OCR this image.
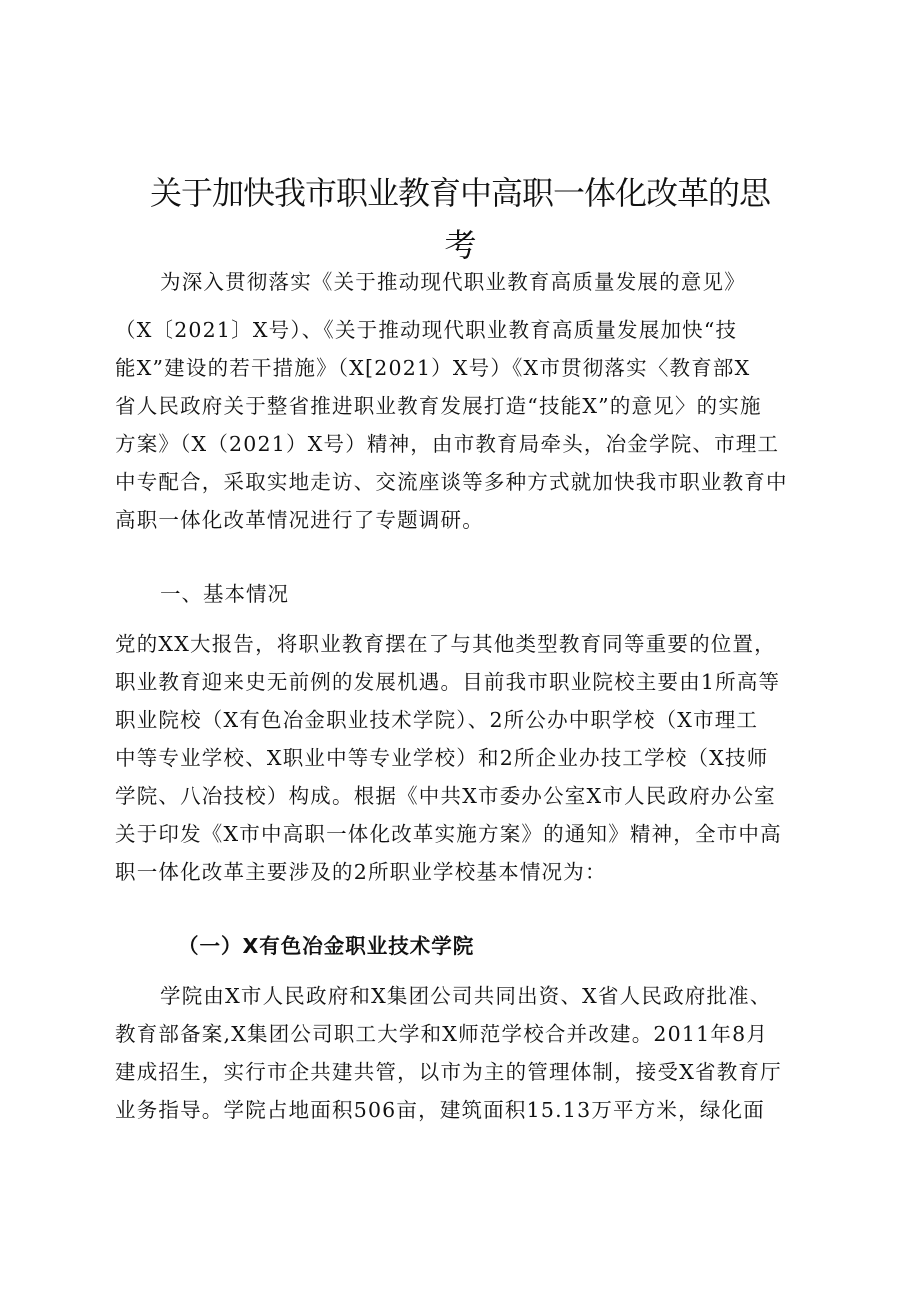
关于加快我市职业教育中高职一体化改革的思
考
为深入贯彻落实《关于推动现代职业教育高质量发展的意见》
（X〔2021〕X号）、《关于推动现代职业教育高质量发展加快“技
能X”建设的若干措施》（X[2021）X号）《X市贯彻落实〈教育部X
省人民政府关于整省推进职业教育发展打造“技能X”的意见〉的实施
方案》（X（2021）X号）精神，由市教育局牵头，冶金学院、市理工
中专配合，采取实地走访、交流座谈等多种方式就加快我市职业教育中
高职一体化改革情况进行了专题调研。
一、基本情况
党的XX大报告，将职业教育摆在了与其他类型教育同等重要的位置，
职业教育迎来史无前例的发展机遇。目前我市职业院校主要由1所高等
职业院校（X有色冶金职业技术学院）、2所公办中职学校（X市理工
中等专业学校、X职业中等专业学校）和2所企业办技工学校（X技师
学院、八冶技校）构成。根据《中共X市委办公室X市人民政府办公室
关于印发《X市中高职一体化改革实施方案》的通知》精神，全市中高
职一体化改革主要涉及的2所职业学校基本情况为：
（一）X有色冶金职业技术学院
学院由X市人民政府和X集团公司共同出资、X省人民政府批准、
教育部备案,X集团公司职工大学和X师范学校合并改建。2011年8月
建成招生，实行市企共建共管，以市为主的管理体制，接受X省教育厅
业务指导。学院占地面积506亩，建筑面积15.13万平方米，绿化面
